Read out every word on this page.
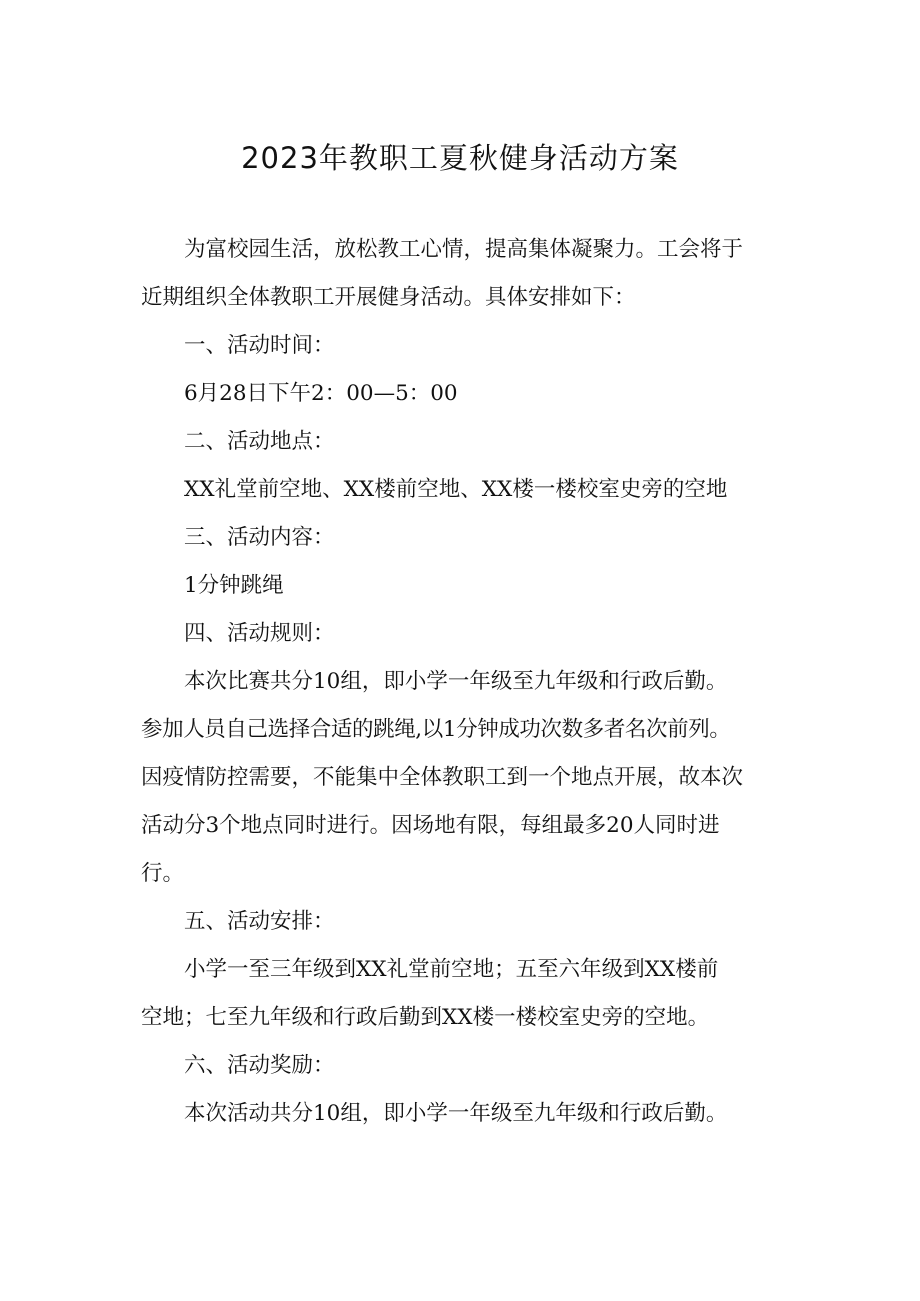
2023年教职工夏秋健身活动方案

为富校园生活，放松教工心情，提高集体凝聚力。工会将于
近期组织全体教职工开展健身活动。具体安排如下：

一、活动时间：

6月28日下午2：00—5：00

二、活动地点：

XX礼堂前空地、XX楼前空地、XX楼一楼校室史旁的空地

三、活动内容：

1分钟跳绳

四、活动规则：

本次比赛共分10组，即小学一年级至九年级和行政后勤。
参加人员自己选择合适的跳绳,以1分钟成功次数多者名次前列。
因疫情防控需要，不能集中全体教职工到一个地点开展，故本次
活动分3个地点同时进行。因场地有限，每组最多20人同时进
行。

五、活动安排：

小学一至三年级到XX礼堂前空地；五至六年级到XX楼前
空地；七至九年级和行政后勤到XX楼一楼校室史旁的空地。

六、活动奖励：

本次活动共分10组，即小学一年级至九年级和行政后勤。
